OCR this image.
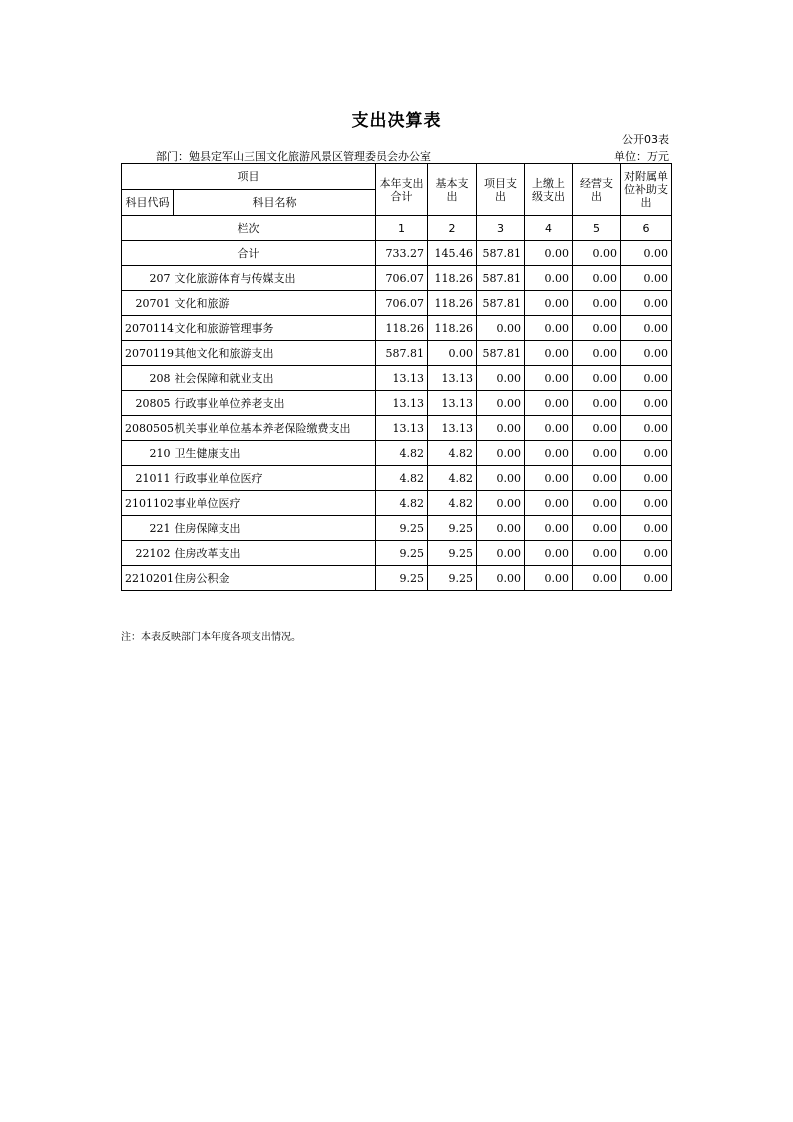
支出决算表
公开03表
部门：勉县定军山三国文化旅游风景区管理委员会办公室	单位：万元
项目		本年支出合计	基本支出	项目支出	上缴上级支出	经营支出	对附属单位补助支出
科目代码	科目名称						
栏次		1	2	3	4	5	6
合计		733.27	145.46	587.81	0.00	0.00	0.00
207	文化旅游体育与传媒支出	706.07	118.26	587.81	0.00	0.00	0.00
20701	文化和旅游	706.07	118.26	587.81	0.00	0.00	0.00
2070114	文化和旅游管理事务	118.26	118.26	0.00	0.00	0.00	0.00
2070119	其他文化和旅游支出	587.81	0.00	587.81	0.00	0.00	0.00
208	社会保障和就业支出	13.13	13.13	0.00	0.00	0.00	0.00
20805	行政事业单位养老支出	13.13	13.13	0.00	0.00	0.00	0.00
2080505	机关事业单位基本养老保险缴费支出	13.13	13.13	0.00	0.00	0.00	0.00
210	卫生健康支出	4.82	4.82	0.00	0.00	0.00	0.00
21011	行政事业单位医疗	4.82	4.82	0.00	0.00	0.00	0.00
2101102	事业单位医疗	4.82	4.82	0.00	0.00	0.00	0.00
221	住房保障支出	9.25	9.25	0.00	0.00	0.00	0.00
22102	住房改革支出	9.25	9.25	0.00	0.00	0.00	0.00
2210201	住房公积金	9.25	9.25	0.00	0.00	0.00	0.00
注：本表反映部门本年度各项支出情况。
